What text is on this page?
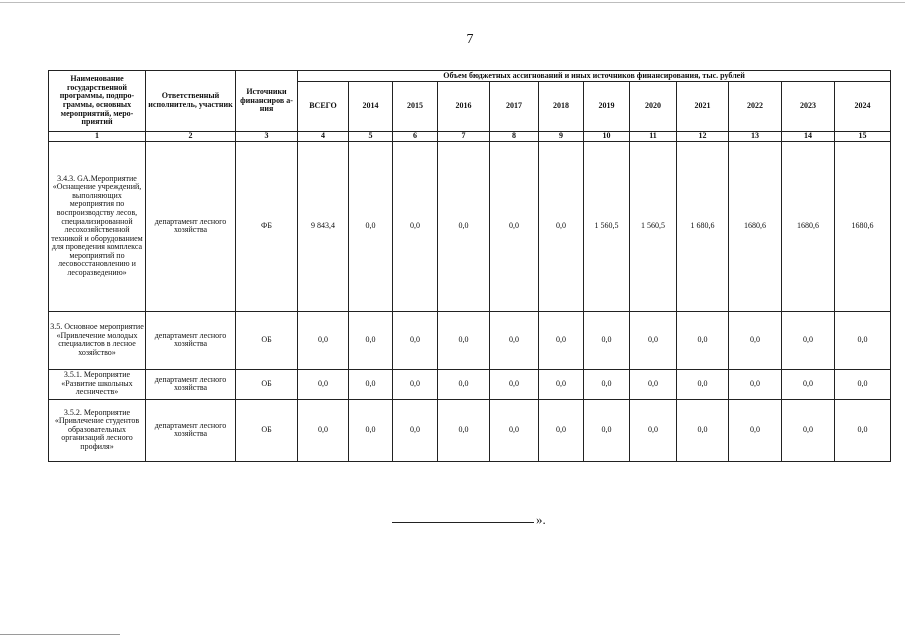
7
Наименование государственной программы, подпро-граммы, основных мероприятий, меро-приятий	Ответственный исполнитель, участник	Источники финансиров а-ния	Объем бюджетных ассигнований и иных источников финансирования, тыс. рублей											
			ВСЕГО	2014	2015	2016	2017	2018	2019	2020	2021	2022	2023	2024
1	2	3	4	5	6	7	8	9	10	11	12	13	14	15
3.4.3. GA.Мероприятие «Оснащение учреждений, выполняющих мероприятия по воспроизводству лесов, специализированной лесохозяйственной техникой и оборудованием для проведения комплекса мероприятий по лесовосстановлению и лесоразведению»	департамент лесного хозяйства	ФБ	9 843,4	0,0	0,0	0,0	0,0	0,0	1 560,5	1 560,5	1 680,6	1680,6	1680,6	1680,6
3.5. Основное мероприятие «Привлечение молодых специалистов в лесное хозяйство»	департамент лесного хозяйства	ОБ	0,0	0,0	0,0	0,0	0,0	0,0	0,0	0,0	0,0	0,0	0,0	0,0
3.5.1. Мероприятие «Развитие школьных лесничеств»	департамент лесного хозяйства	ОБ	0,0	0,0	0,0	0,0	0,0	0,0	0,0	0,0	0,0	0,0	0,0	0,0
3.5.2. Мероприятие «Привлечение студентов образовательных организаций лесного профиля»	департамент лесного хозяйства	ОБ	0,0	0,0	0,0	0,0	0,0	0,0	0,0	0,0	0,0	0,0	0,0	0,0
».
